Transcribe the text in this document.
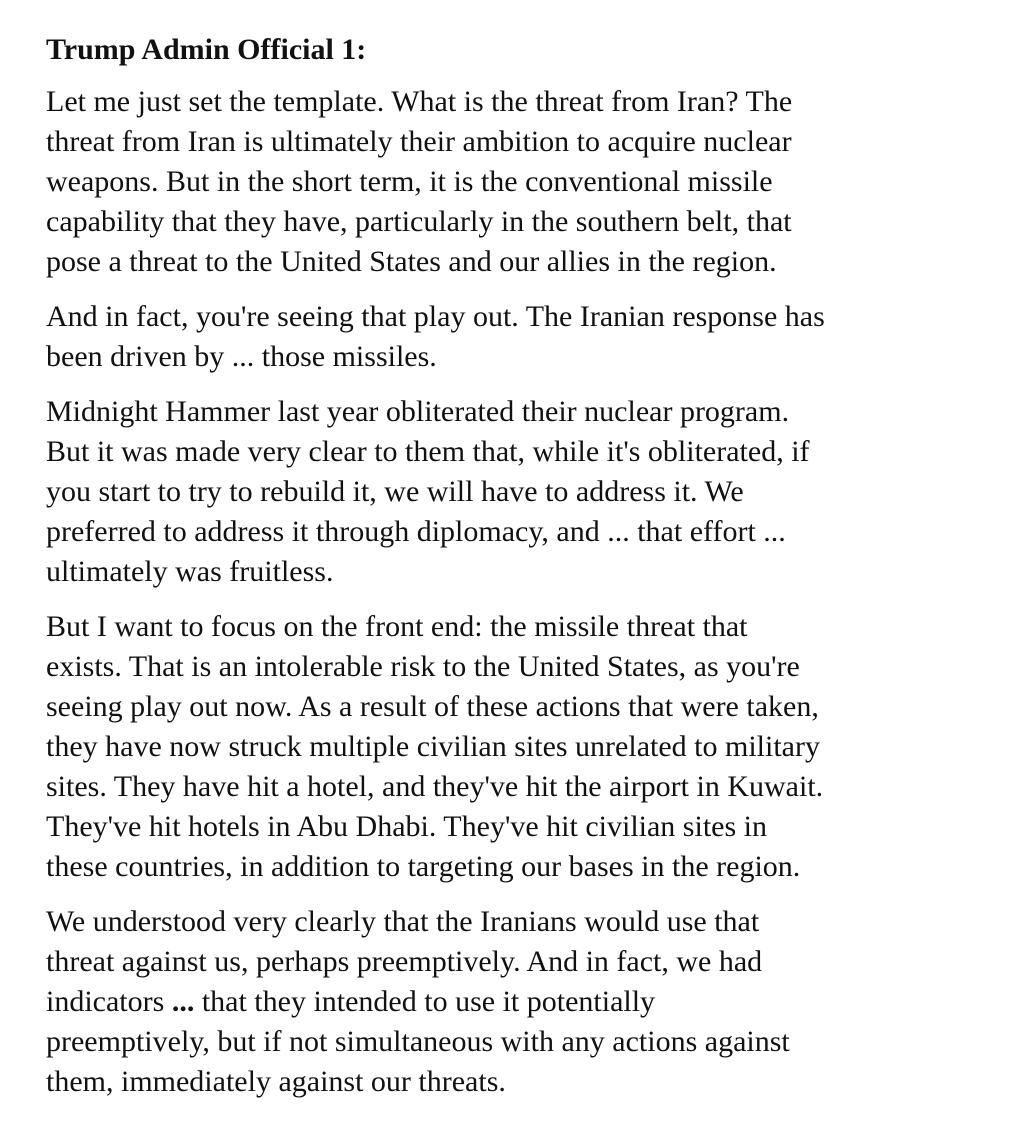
Trump Admin Official 1:
Let me just set the template. What is the threat from Iran? The
threat from Iran is ultimately their ambition to acquire nuclear
weapons. But in the short term, it is the conventional missile
capability that they have, particularly in the southern belt, that
pose a threat to the United States and our allies in the region.
And in fact, you're seeing that play out. The Iranian response has
been driven by ... those missiles.
Midnight Hammer last year obliterated their nuclear program.
But it was made very clear to them that, while it's obliterated, if
you start to try to rebuild it, we will have to address it. We
preferred to address it through diplomacy, and ... that effort ...
ultimately was fruitless.
But I want to focus on the front end: the missile threat that
exists. That is an intolerable risk to the United States, as you're
seeing play out now. As a result of these actions that were taken,
they have now struck multiple civilian sites unrelated to military
sites. They have hit a hotel, and they've hit the airport in Kuwait.
They've hit hotels in Abu Dhabi. They've hit civilian sites in
these countries, in addition to targeting our bases in the region.
We understood very clearly that the Iranians would use that
threat against us, perhaps preemptively. And in fact, we had
indicators ... that they intended to use it potentially
preemptively, but if not simultaneous with any actions against
them, immediately against our threats.
